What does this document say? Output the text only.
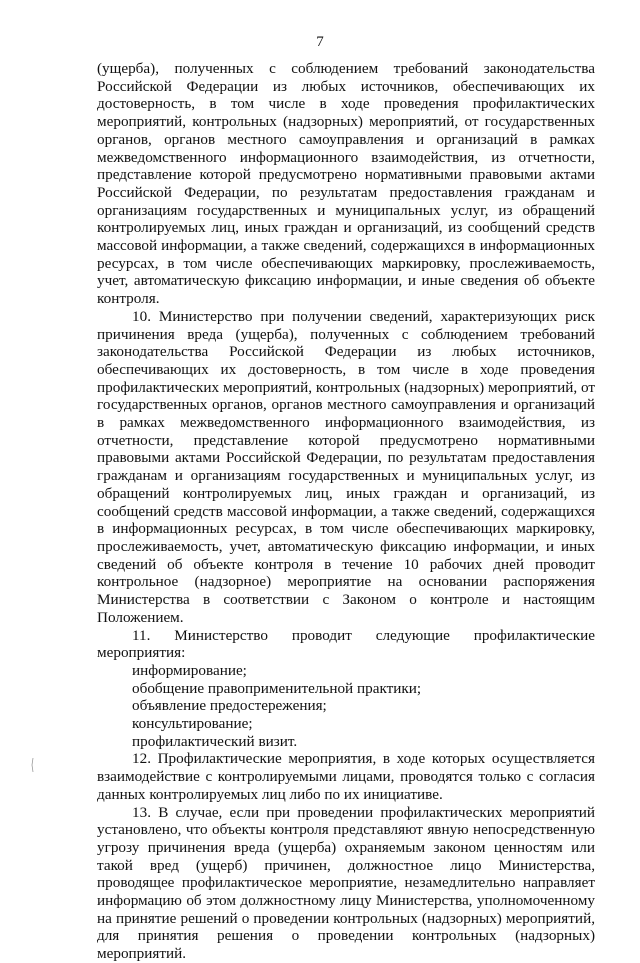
7

(ущерба), полученных с соблюдением требований законодательства Российской Федерации из любых источников, обеспечивающих их достоверность, в том числе в ходе проведения профилактических мероприятий, контрольных (надзорных) мероприятий, от государственных органов, органов местного самоуправления и организаций в рамках межведомственного информационного взаимодействия, из отчетности, представление которой предусмотрено нормативными правовыми актами Российской Федерации, по результатам предоставления гражданам и организациям государственных и муниципальных услуг, из обращений контролируемых лиц, иных граждан и организаций, из сообщений средств массовой информации, а также сведений, содержащихся в информационных ресурсах, в том числе обеспечивающих маркировку, прослеживаемость, учет, автоматическую фиксацию информации, и иные сведения об объекте контроля.

10. Министерство при получении сведений, характеризующих риск причинения вреда (ущерба), полученных с соблюдением требований законодательства Российской Федерации из любых источников, обеспечивающих их достоверность, в том числе в ходе проведения профилактических мероприятий, контрольных (надзорных) мероприятий, от государственных органов, органов местного самоуправления и организаций в рамках межведомственного информационного взаимодействия, из отчетности, представление которой предусмотрено нормативными правовыми актами Российской Федерации, по результатам предоставления гражданам и организациям государственных и муниципальных услуг, из обращений контролируемых лиц, иных граждан и организаций, из сообщений средств массовой информации, а также сведений, содержащихся в информационных ресурсах, в том числе обеспечивающих маркировку, прослеживаемость, учет, автоматическую фиксацию информации, и иных сведений об объекте контроля в течение 10 рабочих дней проводит контрольное (надзорное) мероприятие на основании распоряжения Министерства в соответствии с Законом о контроле и настоящим Положением.

11. Министерство проводит следующие профилактические мероприятия:

информирование;

обобщение правоприменительной практики;

объявление предостережения;

консультирование;

профилактический визит.

12. Профилактические мероприятия, в ходе которых осуществляется взаимодействие с контролируемыми лицами, проводятся только с согласия данных контролируемых лиц либо по их инициативе.

13. В случае, если при проведении профилактических мероприятий установлено, что объекты контроля представляют явную непосредственную угрозу причинения вреда (ущерба) охраняемым законом ценностям или такой вред (ущерб) причинен, должностное лицо Министерства, проводящее профилактическое мероприятие, незамедлительно направляет информацию об этом должностному лицу Министерства, уполномоченному на принятие решений о проведении контрольных (надзорных) мероприятий, для принятия решения о проведении контрольных (надзорных) мероприятий.
